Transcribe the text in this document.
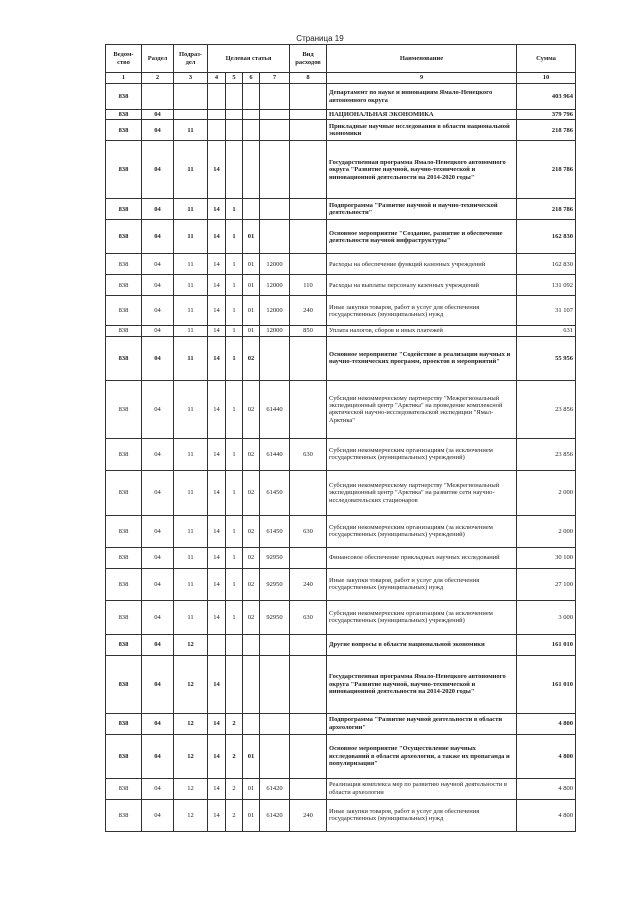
Страница 19
Ведом-ство	Раздел	Подраз-дел	Целевая статья				Вид расходов	Наименование	Сумма
1	2	3	4	5	6	7	8	9	10
838								Департамент по науке и инновациям Ямало-Ненецкого автономного округа	403 964
838	04							НАЦИОНАЛЬНАЯ ЭКОНОМИКА	379 796
838	04	11						Прикладные научные исследования в области национальной экономики	218 786
838	04	11	14					Государственная программа Ямало-Ненецкого автономного округа "Развитие научной, научно-технической и инновационной деятельности на 2014-2020 годы"	218 786
838	04	11	14	1				Подпрограмма "Развитие научной и научно-технической деятельности"	218 786
838	04	11	14	1	01			Основное мероприятие "Создание, развитие и обеспечение деятельности научной инфраструктуры"	162 830
838	04	11	14	1	01	12000		Расходы на обеспечение функций казенных учреждений	162 830
838	04	11	14	1	01	12000	110	Расходы на выплаты персоналу казенных учреждений	131 092
838	04	11	14	1	01	12000	240	Иные закупки товаров, работ и услуг для обеспечения государственных (муниципальных) нужд	31 107
838	04	11	14	1	01	12000	850	Уплата налогов, сборов и иных платежей	631
838	04	11	14	1	02			Основное мероприятие "Содействие в реализации научных и научно-технических программ, проектов и мероприятий"	55 956
838	04	11	14	1	02	61440		Субсидии некоммерческому партнерству "Межрегиональный экспедиционный центр "Арктика" на проведение комплексной арктической научно-исследовательской экспедиции "Ямал-Арктика"	23 856
838	04	11	14	1	02	61440	630	Субсидии некоммерческим организациям (за исключением государственных (муниципальных) учреждений)	23 856
838	04	11	14	1	02	61450		Субсидии некоммерческому партнерству "Межрегиональный экспедиционный центр "Арктика" на развитие сети научно-исследовательских стационаров	2 000
838	04	11	14	1	02	61450	630	Субсидии некоммерческим организациям (за исключением государственных (муниципальных) учреждений)	2 000
838	04	11	14	1	02	92950		Финансовое обеспечение прикладных научных исследований	30 100
838	04	11	14	1	02	92950	240	Иные закупки товаров, работ и услуг для обеспечения государственных (муниципальных) нужд	27 100
838	04	11	14	1	02	92950	630	Субсидии некоммерческим организациям (за исключением государственных (муниципальных) учреждений)	3 000
838	04	12						Другие вопросы в области национальной экономики	161 010
838	04	12	14					Государственная программа Ямало-Ненецкого автономного округа "Развитие научной, научно-технической и инновационной деятельности на 2014-2020 годы"	161 010
838	04	12	14	2				Подпрограмма "Развитие научной деятельности в области археологии"	4 800
838	04	12	14	2	01			Основное мероприятие "Осуществление научных исследований в области археологии, а также их пропаганда и популяризация"	4 800
838	04	12	14	2	01	61420		Реализация комплекса мер по развитию научной деятельности в области археологии	4 800
838	04	12	14	2	01	61420	240	Иные закупки товаров, работ и услуг для обеспечения государственных (муниципальных) нужд	4 800
